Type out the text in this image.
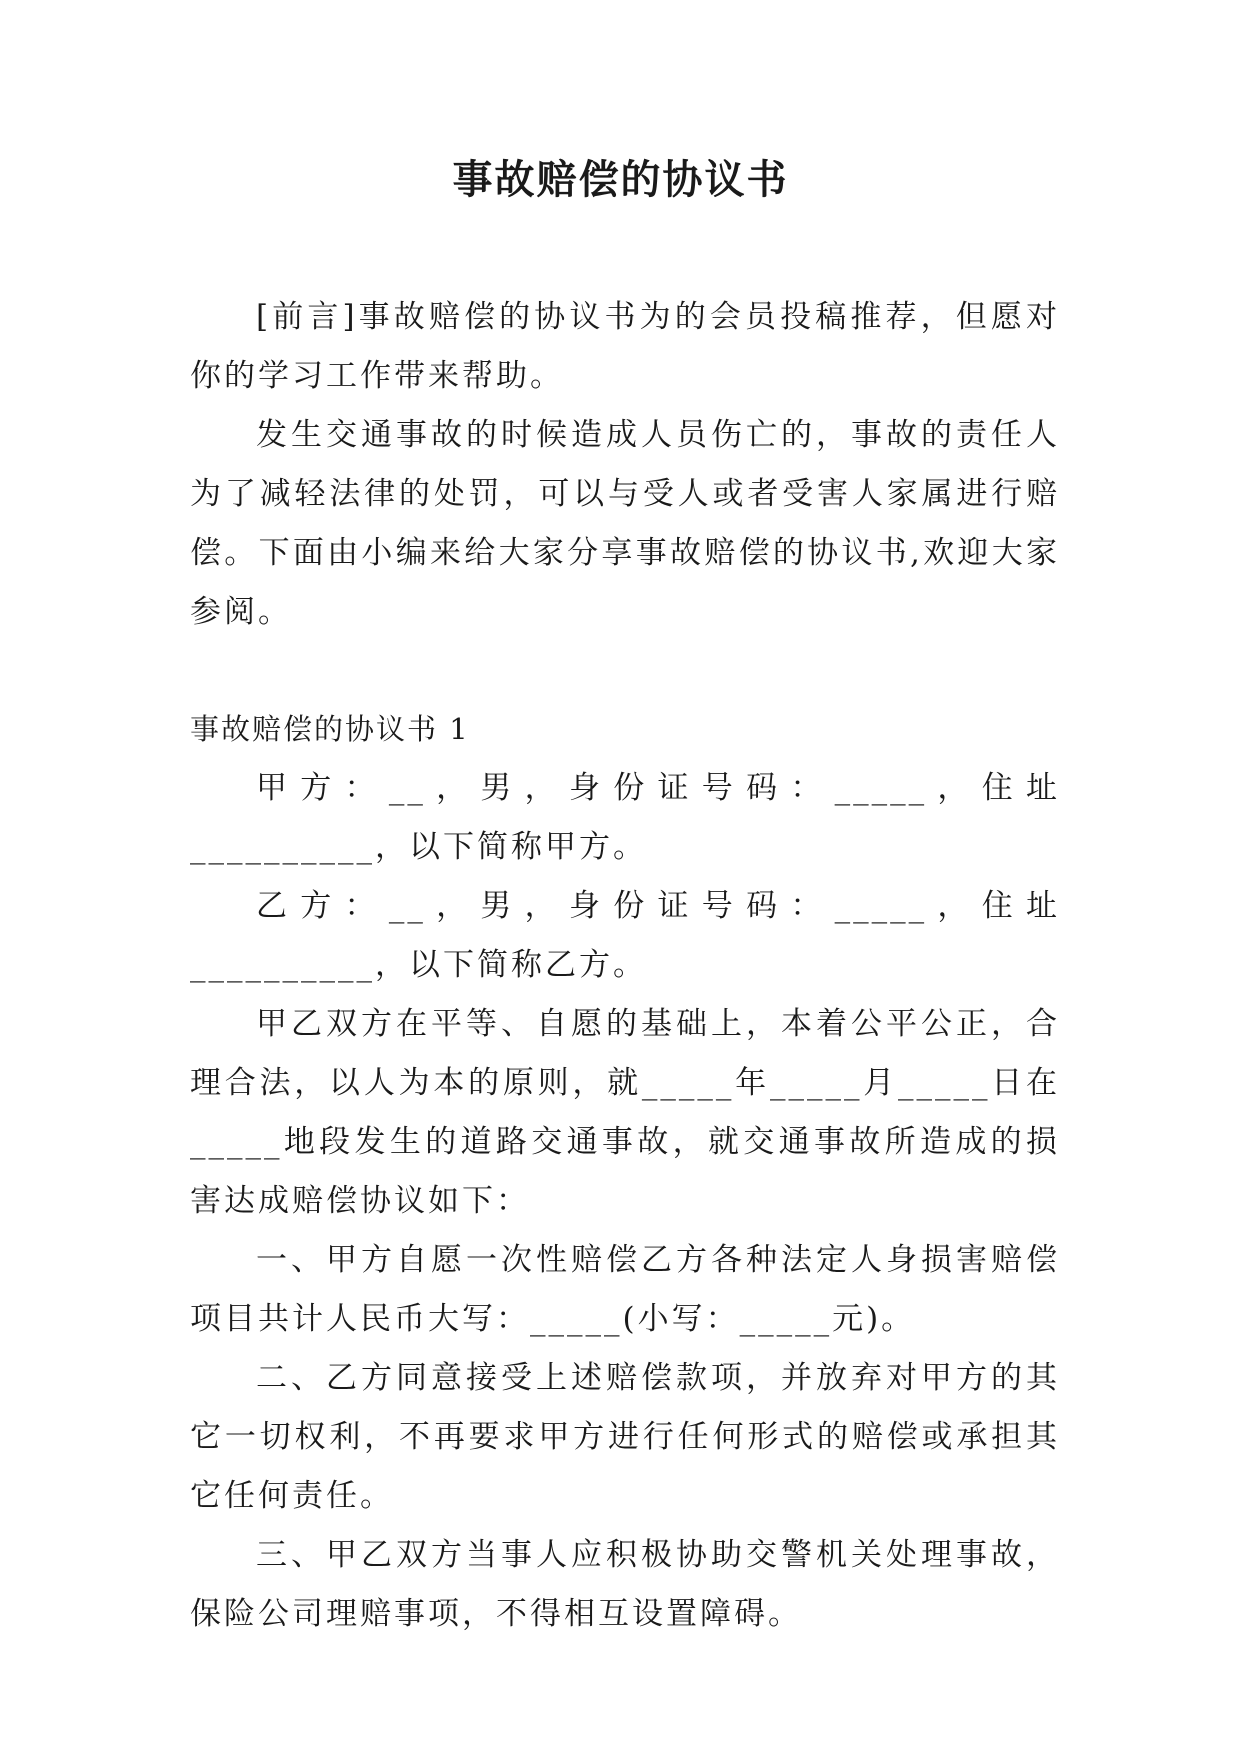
事故赔偿的协议书

[前言]事故赔偿的协议书为的会员投稿推荐，但愿对你的学习工作带来帮助。

发生交通事故的时候造成人员伤亡的，事故的责任人为了减轻法律的处罚，可以与受人或者受害人家属进行赔偿。下面由小编来给大家分享事故赔偿的协议书,欢迎大家参阅。

事故赔偿的协议书 1

甲方：__，男，身份证号码：_____，住址__________，以下简称甲方。

乙方：__，男，身份证号码：_____，住址__________，以下简称乙方。

甲乙双方在平等、自愿的基础上，本着公平公正，合理合法，以人为本的原则，就_____年_____月_____日在_____地段发生的道路交通事故，就交通事故所造成的损害达成赔偿协议如下：

一、甲方自愿一次性赔偿乙方各种法定人身损害赔偿项目共计人民币大写：_____(小写：_____元)。

二、乙方同意接受上述赔偿款项，并放弃对甲方的其它一切权利，不再要求甲方进行任何形式的赔偿或承担其它任何责任。

三、甲乙双方当事人应积极协助交警机关处理事故，保险公司理赔事项，不得相互设置障碍。
